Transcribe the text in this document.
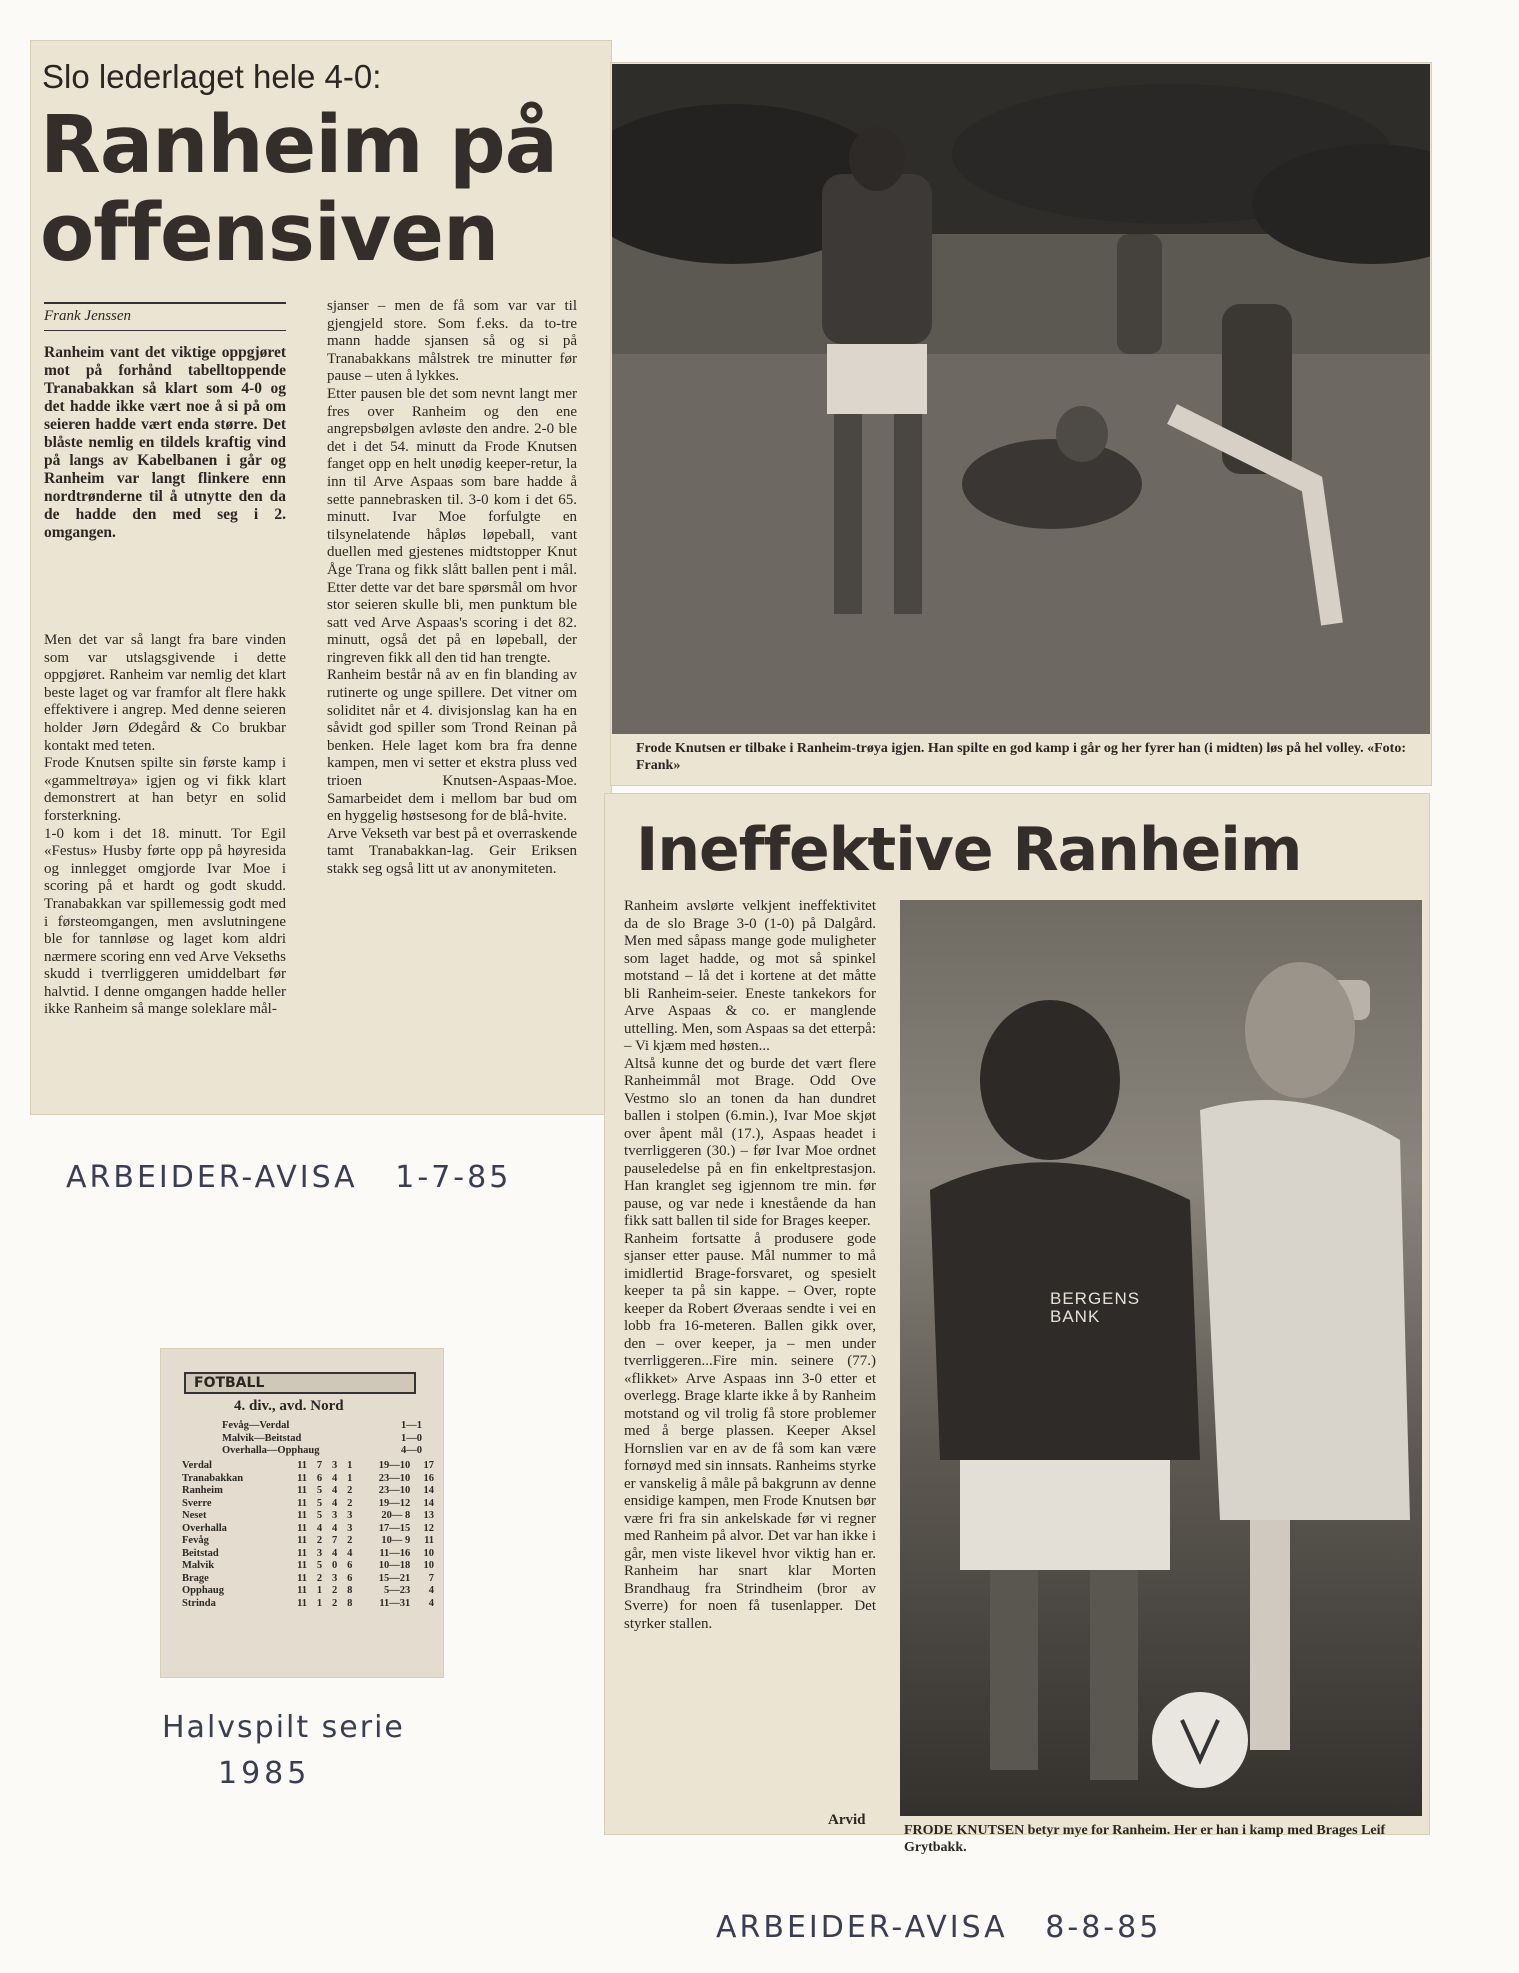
Slo lederlaget hele 4-0:
Ranheim på
offensiven
Frank Jenssen
Ranheim vant det viktige oppgjøret mot på forhånd tabelltoppende Tranabakkan så klart som 4-0 og det hadde ikke vært noe å si på om seieren hadde vært enda større. Det blåste nemlig en tildels kraftig vind på langs av Kabelbanen i går og Ranheim var langt flinkere enn nordtrønderne til å utnytte den da de hadde den med seg i 2. omgangen.
Men det var så langt fra bare vinden som var utslagsgivende i dette oppgjøret. Ranheim var nemlig det klart beste laget og var framfor alt flere hakk effektivere i angrep. Med denne seieren holder Jørn Ødegård & Co brukbar kontakt med teten.
Frode Knutsen spilte sin første kamp i «gammeltrøya» igjen og vi fikk klart demonstrert at han betyr en solid forsterkning.
1-0 kom i det 18. minutt. Tor Egil «Festus» Husby førte opp på høyresida og innlegget omgjorde Ivar Moe i scoring på et hardt og godt skudd. Tranabakkan var spillemessig godt med i førsteomgangen, men avslutningene ble for tannløse og laget kom aldri nærmere scoring enn ved Arve Vekseths skudd i tverrliggeren umiddelbart før halvtid. I denne omgangen hadde heller ikke Ranheim så mange soleklare mål-
sjanser – men de få som var var til gjengjeld store. Som f.eks. da to-tre mann hadde sjansen så og si på Tranabakkans målstrek tre minutter før pause – uten å lykkes.
Etter pausen ble det som nevnt langt mer fres over Ranheim og den ene angrepsbølgen avløste den andre. 2-0 ble det i det 54. minutt da Frode Knutsen fanget opp en helt unødig keeper-retur, la inn til Arve Aspaas som bare hadde å sette pannebrasken til. 3-0 kom i det 65. minutt. Ivar Moe forfulgte en tilsynelatende håpløs løpeball, vant duellen med gjestenes midtstopper Knut Åge Trana og fikk slått ballen pent i mål. Etter dette var det bare spørsmål om hvor stor seieren skulle bli, men punktum ble satt ved Arve Aspaas's scoring i det 82. minutt, også det på en løpeball, der ringreven fikk all den tid han trengte.
Ranheim består nå av en fin blanding av rutinerte og unge spillere. Det vitner om soliditet når et 4. divisjonslag kan ha en såvidt god spiller som Trond Reinan på benken. Hele laget kom bra fra denne kampen, men vi setter et ekstra pluss ved trioen Knutsen-Aspaas-Moe. Samarbeidet dem i mellom bar bud om en hyggelig høstsesong for de blå-hvite.
Arve Vekseth var best på et overraskende tamt Tranabakkan-lag. Geir Eriksen stakk seg også litt ut av anonymiteten.
ARBEIDER-AVISA   1-7-85
Frode Knutsen er tilbake i Ranheim-trøya igjen. Han spilte en god kamp i går og her fyrer han (i midten) løs på hel volley. «Foto: Frank»
FOTBALL
4. div., avd. Nord
Fevåg—Verdal	1—1
Malvik—Beitstad	1—0
Overhalla—Opphaug	4—0
Verdal	11	7	3	1	19—10	17
Tranabakkan	11	6	4	1	23—10	16
Ranheim	11	5	4	2	23—10	14
Sverre	11	5	4	2	19—12	14
Neset	11	5	3	3	20— 8	13
Overhalla	11	4	4	3	17—15	12
Fevåg	11	2	7	2	10— 9	11
Beitstad	11	3	4	4	11—16	10
Malvik	11	5	0	6	10—18	10
Brage	11	2	3	6	15—21	7
Opphaug	11	1	2	8	5—23	4
Strinda	11	1	2	8	11—31	4
Halvspilt serie
1985
Ineffektive Ranheim
Ranheim avslørte velkjent ineffektivitet da de slo Brage 3-0 (1-0) på Dalgård. Men med såpass mange gode muligheter som laget hadde, og mot så spinkel motstand – lå det i kortene at det måtte bli Ranheim-seier. Eneste tankekors for Arve Aspaas & co. er manglende uttelling. Men, som Aspaas sa det etterpå: – Vi kjæm med høsten...
Altså kunne det og burde det vært flere Ranheimmål mot Brage. Odd Ove Vestmo slo an tonen da han dundret ballen i stolpen (6.min.), Ivar Moe skjøt over åpent mål (17.), Aspaas headet i tverrliggeren (30.) – før Ivar Moe ordnet pauseledelse på en fin enkeltprestasjon. Han kranglet seg igjennom tre min. før pause, og var nede i knestående da han fikk satt ballen til side for Brages keeper.
Ranheim fortsatte å produsere gode sjanser etter pause. Mål nummer to må imidlertid Brage-forsvaret, og spesielt keeper ta på sin kappe. – Over, ropte keeper da Robert Øveraas sendte i vei en lobb fra 16-meteren. Ballen gikk over, den – over keeper, ja – men under tverrliggeren...Fire min. seinere (77.) «flikket» Arve Aspaas inn 3-0 etter et overlegg. Brage klarte ikke å by Ranheim motstand og vil trolig få store problemer med å berge plassen. Keeper Aksel Hornslien var en av de få som kan være fornøyd med sin innsats. Ranheims styrke er vanskelig å måle på bakgrunn av denne ensidige kampen, men Frode Knutsen bør være fri fra sin ankelskade før vi regner med Ranheim på alvor. Det var han ikke i går, men viste likevel hvor viktig han er. Ranheim har snart klar Morten Brandhaug fra Strindheim (bror av Sverre) for noen få tusenlapper. Det styrker stallen.
Arvid
BERGENS BANK
FRODE KNUTSEN betyr mye for Ranheim. Her er han i kamp med Brages Leif Grytbakk.
ARBEIDER-AVISA   8-8-85
